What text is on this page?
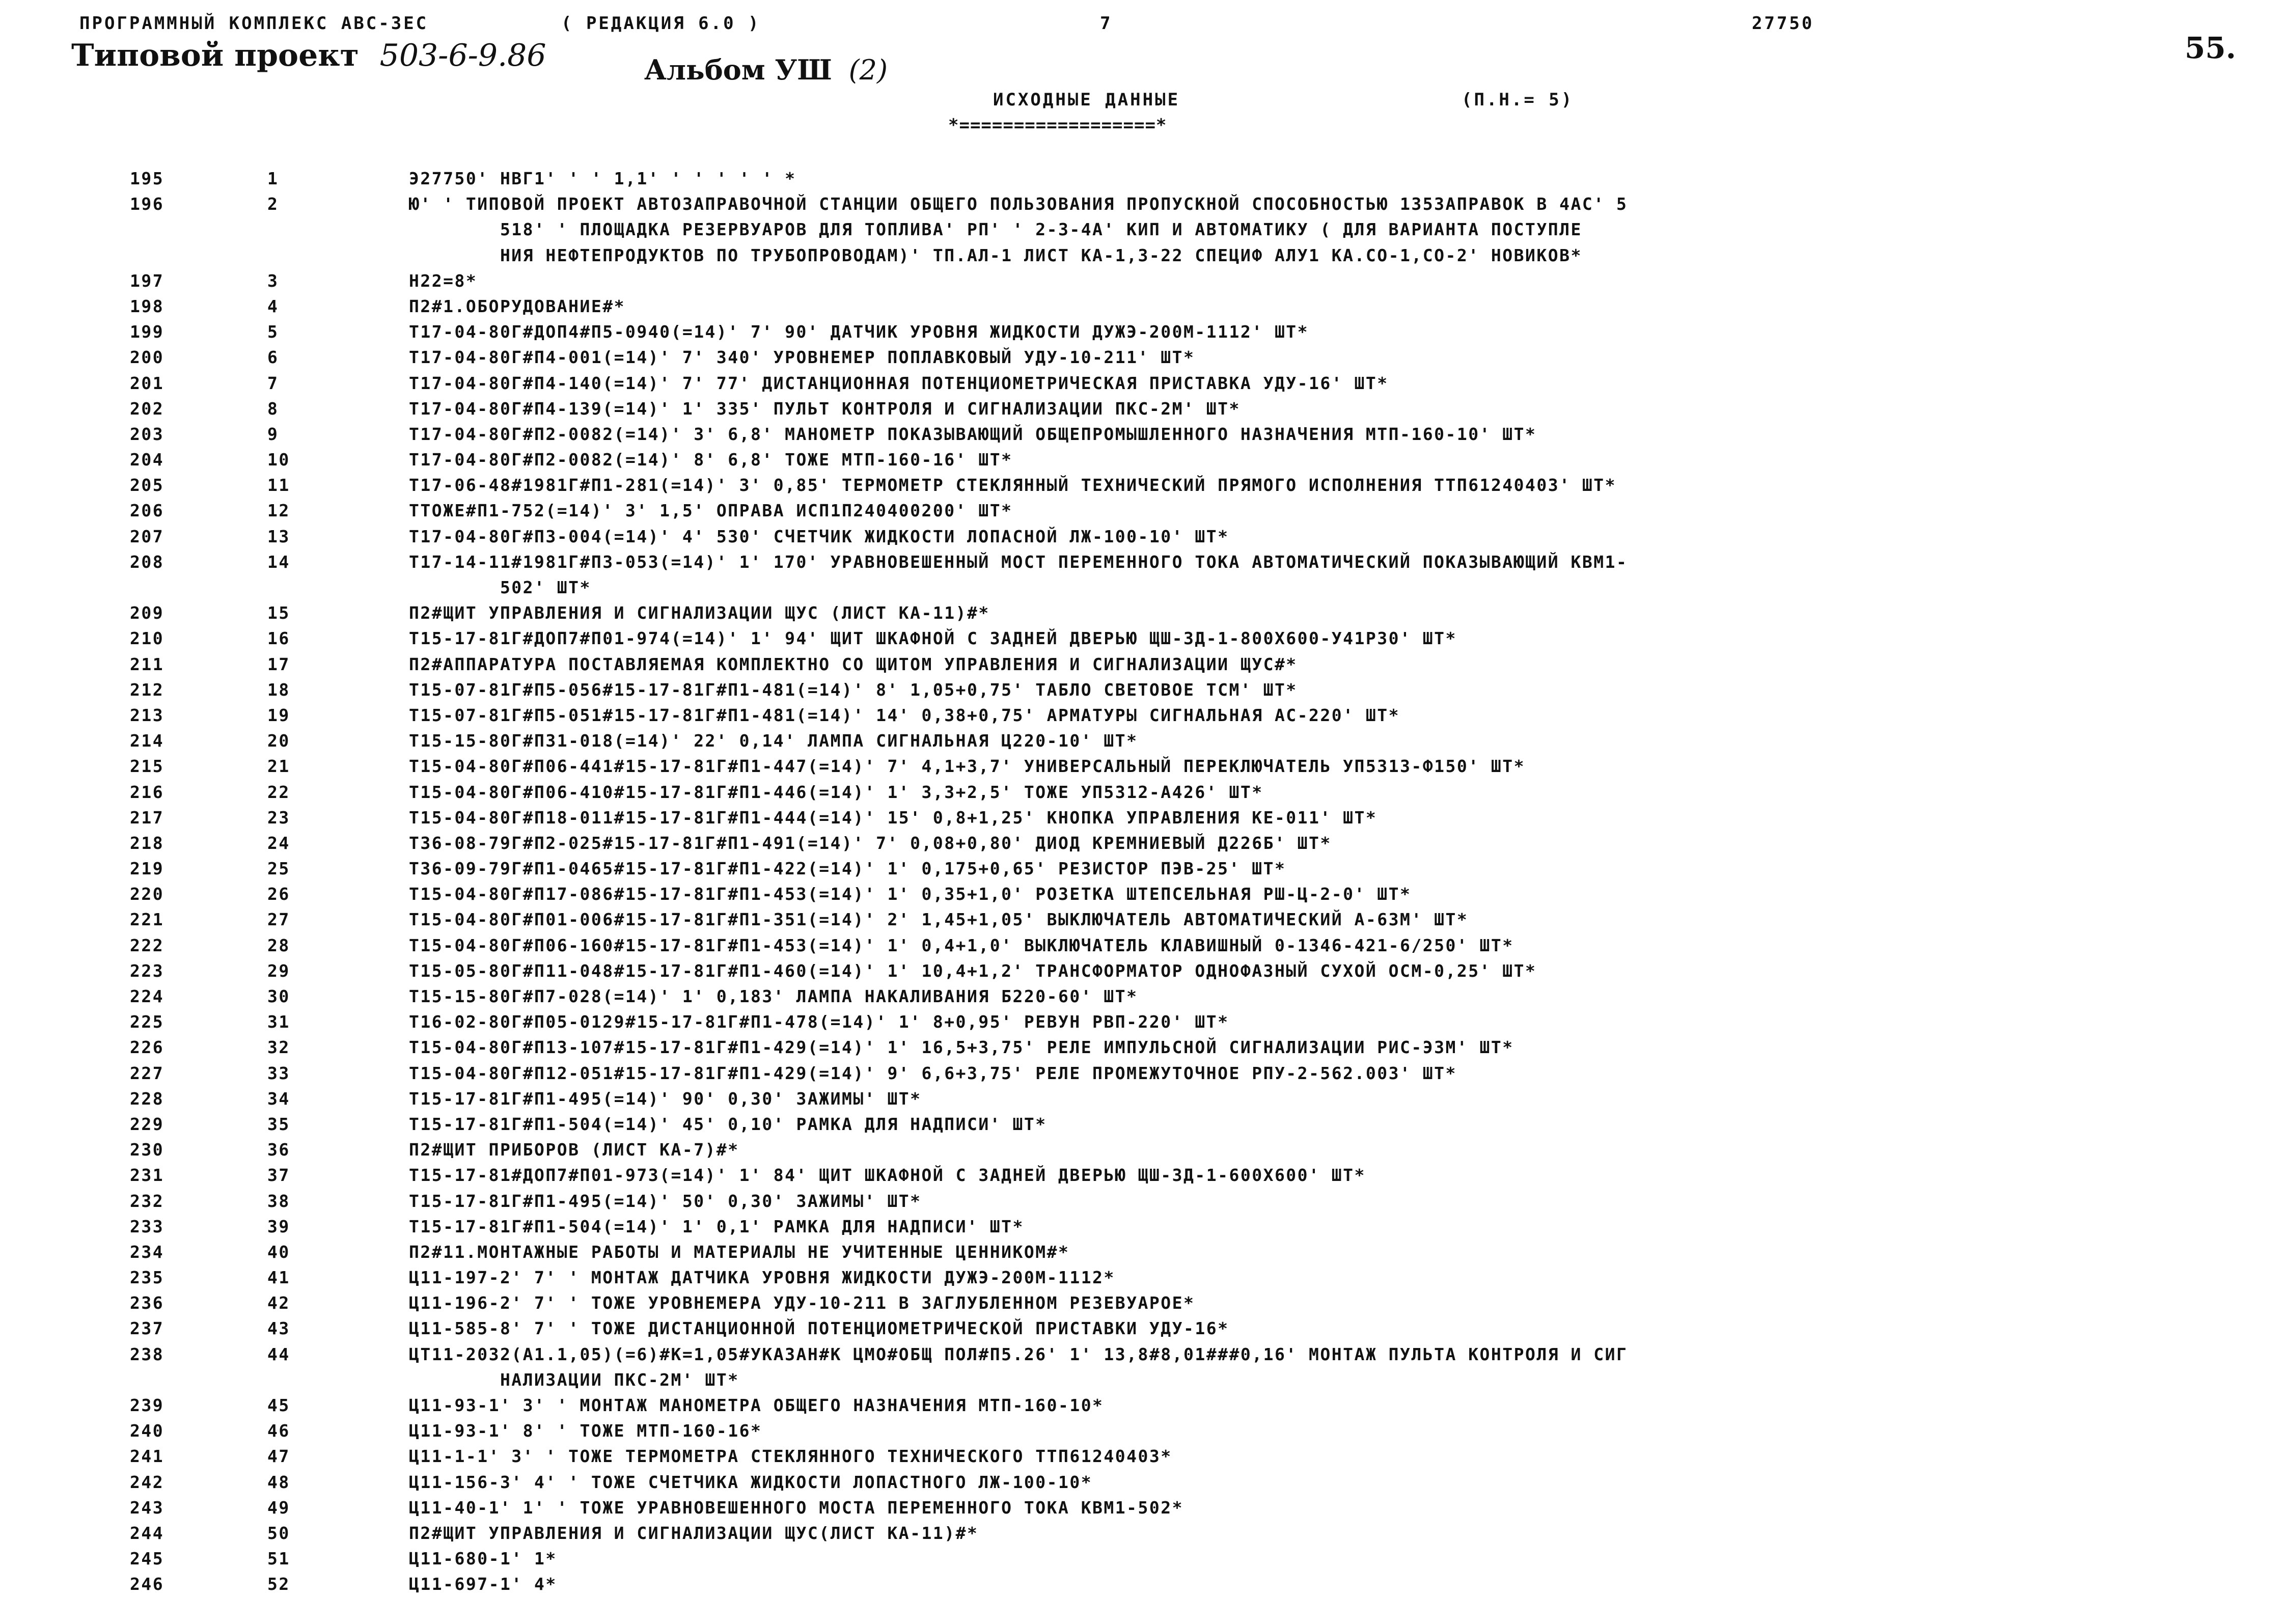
ПРОГРАММНЫЙ КОМПЛЕКС АВС-3ЕС	( РЕДАКЦИЯ 6.0 )	7	27750
55.
Типовой проект 503-6-9.86	Альбом УШ (2)
ИСХОДНЫЕ ДАННЫЕ	(П.Н.= 5)
*==================*
195	1	Э27750' НВГ1' ' ' 1,1' ' ' ' ' ' *
196	2	Ю' ' ТИПОВОЙ ПРОЕКТ АВТОЗАПРАВОЧНОЙ СТАНЦИИ ОБЩЕГО ПОЛЬЗОВАНИЯ ПРОПУСКНОЙ СПОСОБНОСТЬЮ 1353АПРАВОК В 4АС' 5
518' ' ПЛОЩАДКА РЕЗЕРВУАРОВ ДЛЯ ТОПЛИВА' РП' ' 2-3-4А' КИП И АВТОМАТИКУ ( ДЛЯ ВАРИАНТА ПОСТУПЛЕ
НИЯ НЕФТЕПРОДУКТОВ ПО ТРУБОПРОВОДАМ)' ТП.АЛ-1 ЛИСТ КА-1,3-22 СПЕЦИФ АЛУ1 КА.СО-1,СО-2' НОВИКОВ*
197	3	Н22=8*
198	4	П2#1.ОБОРУДОВАНИЕ#*
199	5	Т17-04-80Г#ДОП4#П5-0940(=14)' 7' 90' ДАТЧИК УРОВНЯ ЖИДКОСТИ ДУЖЭ-200М-1112' ШТ*
200	6	Т17-04-80Г#П4-001(=14)' 7' 340' УРОВНЕМЕР ПОПЛАВКОВЫЙ УДУ-10-211' ШТ*
201	7	Т17-04-80Г#П4-140(=14)' 7' 77' ДИСТАНЦИОННАЯ ПОТЕНЦИОМЕТРИЧЕСКАЯ ПРИСТАВКА УДУ-16' ШТ*
202	8	Т17-04-80Г#П4-139(=14)' 1' 335' ПУЛЬТ КОНТРОЛЯ И СИГНАЛИЗАЦИИ ПКС-2М' ШТ*
203	9	Т17-04-80Г#П2-0082(=14)' 3' 6,8' МАНОМЕТР ПОКАЗЫВАЮЩИЙ ОБЩЕПРОМЫШЛЕННОГО НАЗНАЧЕНИЯ МТП-160-10' ШТ*
204	10	Т17-04-80Г#П2-0082(=14)' 8' 6,8' ТОЖЕ МТП-160-16' ШТ*
205	11	Т17-06-48#1981Г#П1-281(=14)' 3' 0,85' ТЕРМОМЕТР СТЕКЛЯННЫЙ ТЕХНИЧЕСКИЙ ПРЯМОГО ИСПОЛНЕНИЯ ТТП61240403' ШТ*
206	12	ТТОЖЕ#П1-752(=14)' 3' 1,5' ОПРАВА ИСП1П240400200' ШТ*
207	13	Т17-04-80Г#П3-004(=14)' 4' 530' СЧЕТЧИК ЖИДКОСТИ ЛОПАСНОЙ ЛЖ-100-10' ШТ*
208	14	Т17-14-11#1981Г#П3-053(=14)' 1' 170' УРАВНОВЕШЕННЫЙ МОСТ ПЕРЕМЕННОГО ТОКА АВТОМАТИЧЕСКИЙ ПОКАЗЫВАЮЩИЙ КВМ1-
502' ШТ*
209	15	П2#ЩИТ УПРАВЛЕНИЯ И СИГНАЛИЗАЦИИ ЩУС (ЛИСТ КА-11)#*
210	16	Т15-17-81Г#ДОП7#П01-974(=14)' 1' 94' ЩИТ ШКАФНОЙ С ЗАДНЕЙ ДВЕРЬЮ ЩШ-ЗД-1-800Х600-У41Р30' ШТ*
211	17	П2#АППАРАТУРА ПОСТАВЛЯЕМАЯ КОМПЛЕКТНО СО ЩИТОМ УПРАВЛЕНИЯ И СИГНАЛИЗАЦИИ ЩУС#*
212	18	Т15-07-81Г#П5-056#15-17-81Г#П1-481(=14)' 8' 1,05+0,75' ТАБЛО СВЕТОВОЕ ТСМ' ШТ*
213	19	Т15-07-81Г#П5-051#15-17-81Г#П1-481(=14)' 14' 0,38+0,75' АРМАТУРЫ СИГНАЛЬНАЯ АС-220' ШТ*
214	20	Т15-15-80Г#П31-018(=14)' 22' 0,14' ЛАМПА СИГНАЛЬНАЯ Ц220-10' ШТ*
215	21	Т15-04-80Г#П06-441#15-17-81Г#П1-447(=14)' 7' 4,1+3,7' УНИВЕРСАЛЬНЫЙ ПЕРЕКЛЮЧАТЕЛЬ УП5313-Ф150' ШТ*
216	22	Т15-04-80Г#П06-410#15-17-81Г#П1-446(=14)' 1' 3,3+2,5' ТОЖЕ УП5312-А426' ШТ*
217	23	Т15-04-80Г#П18-011#15-17-81Г#П1-444(=14)' 15' 0,8+1,25' КНОПКА УПРАВЛЕНИЯ КЕ-011' ШТ*
218	24	Т36-08-79Г#П2-025#15-17-81Г#П1-491(=14)' 7' 0,08+0,80' ДИОД КРЕМНИЕВЫЙ Д226Б' ШТ*
219	25	Т36-09-79Г#П1-0465#15-17-81Г#П1-422(=14)' 1' 0,175+0,65' РЕЗИСТОР ПЭВ-25' ШТ*
220	26	Т15-04-80Г#П17-086#15-17-81Г#П1-453(=14)' 1' 0,35+1,0' РОЗЕТКА ШТЕПСЕЛЬНАЯ РШ-Ц-2-0' ШТ*
221	27	Т15-04-80Г#П01-006#15-17-81Г#П1-351(=14)' 2' 1,45+1,05' ВЫКЛЮЧАТЕЛЬ АВТОМАТИЧЕСКИЙ А-63М' ШТ*
222	28	Т15-04-80Г#П06-160#15-17-81Г#П1-453(=14)' 1' 0,4+1,0' ВЫКЛЮЧАТЕЛЬ КЛАВИШНЫЙ 0-1346-421-6/250' ШТ*
223	29	Т15-05-80Г#П11-048#15-17-81Г#П1-460(=14)' 1' 10,4+1,2' ТРАНСФОРМАТОР ОДНОФАЗНЫЙ СУХОЙ ОСМ-0,25' ШТ*
224	30	Т15-15-80Г#П7-028(=14)' 1' 0,183' ЛАМПА НАКАЛИВАНИЯ Б220-60' ШТ*
225	31	Т16-02-80Г#П05-0129#15-17-81Г#П1-478(=14)' 1' 8+0,95' РЕВУН РВП-220' ШТ*
226	32	Т15-04-80Г#П13-107#15-17-81Г#П1-429(=14)' 1' 16,5+3,75' РЕЛЕ ИМПУЛЬСНОЙ СИГНАЛИЗАЦИИ РИС-ЭЗМ' ШТ*
227	33	Т15-04-80Г#П12-051#15-17-81Г#П1-429(=14)' 9' 6,6+3,75' РЕЛЕ ПРОМЕЖУТОЧНОЕ РПУ-2-562.003' ШТ*
228	34	Т15-17-81Г#П1-495(=14)' 90' 0,30' ЗАЖИМЫ' ШТ*
229	35	Т15-17-81Г#П1-504(=14)' 45' 0,10' РАМКА ДЛЯ НАДПИСИ' ШТ*
230	36	П2#ЩИТ ПРИБОРОВ (ЛИСТ КА-7)#*
231	37	Т15-17-81#ДОП7#П01-973(=14)' 1' 84' ЩИТ ШКАФНОЙ С ЗАДНЕЙ ДВЕРЬЮ ЩШ-ЗД-1-600Х600' ШТ*
232	38	Т15-17-81Г#П1-495(=14)' 50' 0,30' ЗАЖИМЫ' ШТ*
233	39	Т15-17-81Г#П1-504(=14)' 1' 0,1' РАМКА ДЛЯ НАДПИСИ' ШТ*
234	40	П2#11.МОНТАЖНЫЕ РАБОТЫ И МАТЕРИАЛЫ НЕ УЧИТЕННЫЕ ЦЕННИКОМ#*
235	41	Ц11-197-2' 7' ' МОНТАЖ ДАТЧИКА УРОВНЯ ЖИДКОСТИ ДУЖЭ-200М-1112*
236	42	Ц11-196-2' 7' ' ТОЖЕ УРОВНЕМЕРА УДУ-10-211 В ЗАГЛУБЛЕННОМ РЕЗЕВУАРОЕ*
237	43	Ц11-585-8' 7' ' ТОЖЕ ДИСТАНЦИОННОЙ ПОТЕНЦИОМЕТРИЧЕСКОЙ ПРИСТАВКИ УДУ-16*
238	44	ЦТ11-2032(А1.1,05)(=6)#К=1,05#УКАЗАН#К ЦМО#ОБЩ ПОЛ#П5.26' 1' 13,8#8,01###0,16' МОНТАЖ ПУЛЬТА КОНТРОЛЯ И СИГ
НАЛИЗАЦИИ ПКС-2М' ШТ*
239	45	Ц11-93-1' 3' ' МОНТАЖ МАНОМЕТРА ОБЩЕГО НАЗНАЧЕНИЯ МТП-160-10*
240	46	Ц11-93-1' 8' ' ТОЖЕ МТП-160-16*
241	47	Ц11-1-1' 3' ' ТОЖЕ ТЕРМОМЕТРА СТЕКЛЯННОГО ТЕХНИЧЕСКОГО ТТП61240403*
242	48	Ц11-156-3' 4' ' ТОЖЕ СЧЕТЧИКА ЖИДКОСТИ ЛОПАСТНОГО ЛЖ-100-10*
243	49	Ц11-40-1' 1' ' ТОЖЕ УРАВНОВЕШЕННОГО МОСТА ПЕРЕМЕННОГО ТОКА КВМ1-502*
244	50	П2#ЩИТ УПРАВЛЕНИЯ И СИГНАЛИЗАЦИИ ЩУС(ЛИСТ КА-11)#*
245	51	Ц11-680-1' 1*
246	52	Ц11-697-1' 4*
